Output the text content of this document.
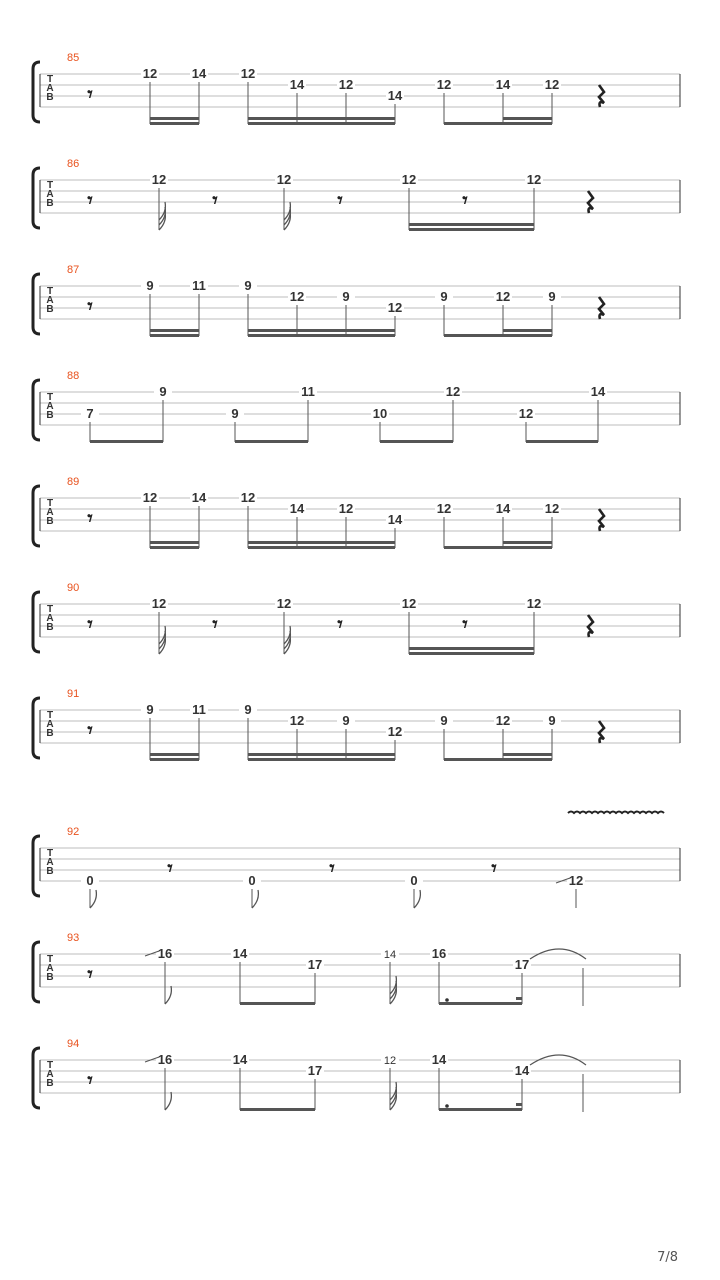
T
A
B
85
𝄾
12	14	12
14	12
14
12	14	12
T
A
B
86
𝄾
12
𝄾
12
𝄾
12
𝄾
12
T
A
B
87
𝄾
9	11	9
12	9
12
9	12	9
T
A
B
88
7
9
9
11
10
12
12
14
T
A
B
89
𝄾
12	14	12
14	12
14
12	14	12
T
A
B
90
𝄾
12
𝄾
12
𝄾
12
𝄾
12
T
A
B
91
𝄾
9	11	9
12	9
12
9	12	9
T
A
B
92
0
𝄾
0
𝄾
0
𝄾
12
T
A
B
93
𝄾
16	14
17
14	16
17
T
A
B
94
𝄾
16	14
17
12	14
14
7/8
